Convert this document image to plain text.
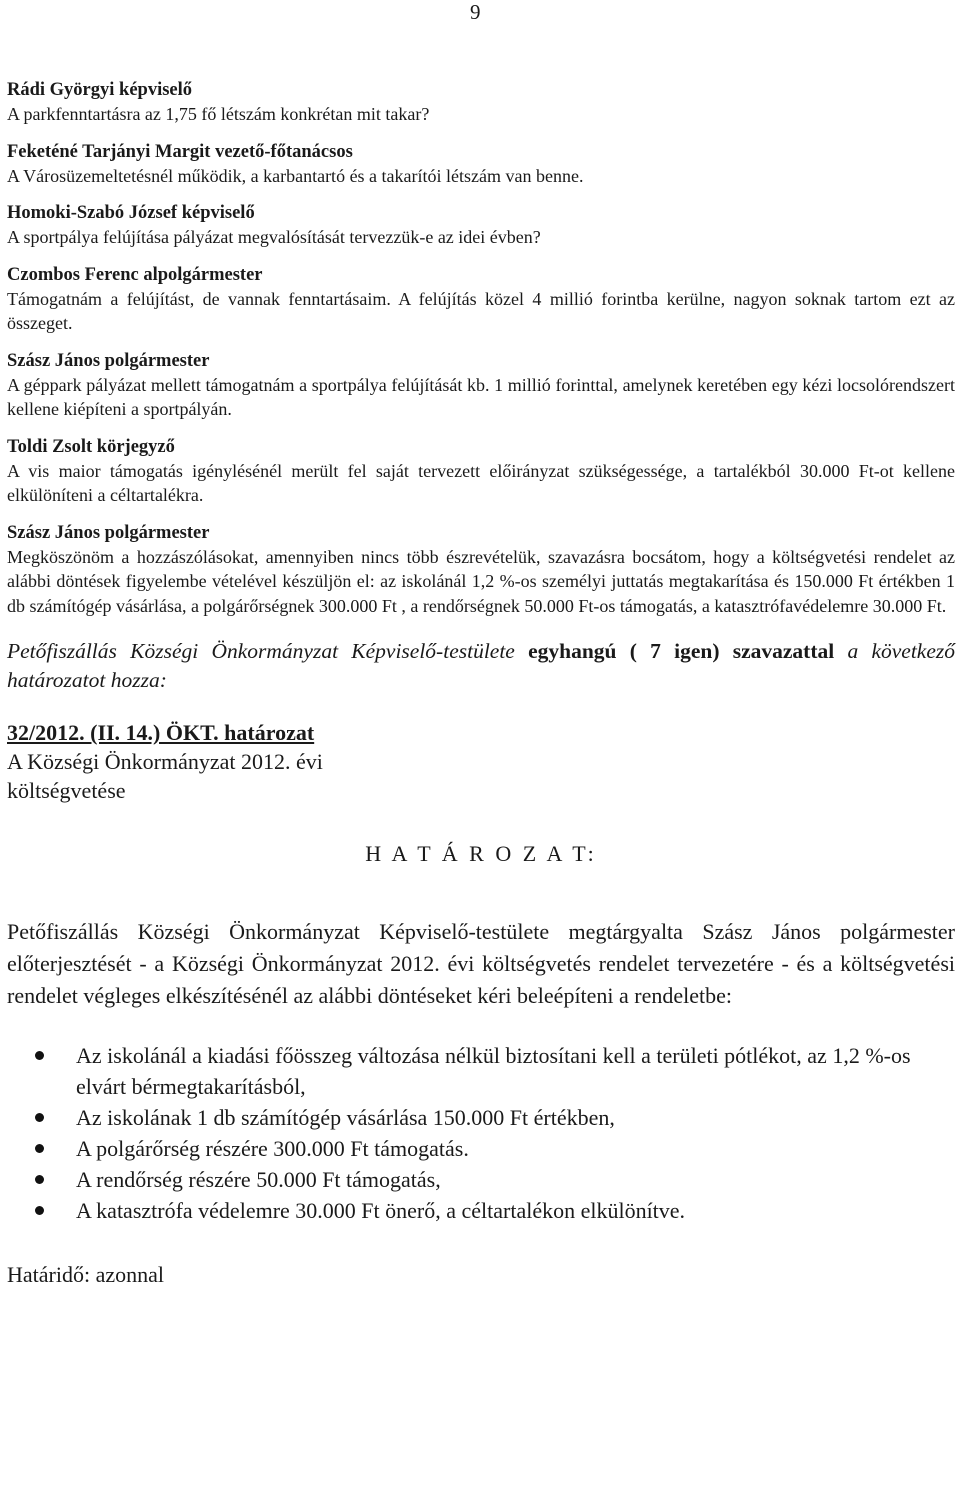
9
Rádi Györgyi képviselő
A parkfenntartásra az 1,75 fő létszám konkrétan mit takar?
Feketéné Tarjányi Margit vezető-főtanácsos
A Városüzemeltetésnél működik, a karbantartó és a takarítói létszám van benne.
Homoki-Szabó József képviselő
A sportpálya felújítása pályázat megvalósítását tervezzük-e az idei évben?
Czombos Ferenc alpolgármester
Támogatnám a felújítást, de vannak fenntartásaim. A felújítás közel 4 millió forintba kerülne, nagyon soknak tartom ezt az összeget.
Szász János polgármester
A géppark pályázat mellett támogatnám a sportpálya felújítását kb. 1 millió forinttal, amelynek keretében egy kézi locsolórendszert kellene kiépíteni a sportpályán.
Toldi Zsolt körjegyző
A vis maior támogatás igénylésénél merült fel saját tervezett előirányzat szükségessége, a tartalékból 30.000 Ft-ot kellene elkülöníteni a céltartalékra.
Szász János polgármester
Megköszönöm a hozzászólásokat, amennyiben nincs több észrevételük, szavazásra bocsátom, hogy a költségvetési rendelet az alábbi döntések figyelembe vételével készüljön el: az iskolánál 1,2 %-os személyi juttatás megtakarítása és 150.000 Ft értékben 1 db számítógép vásárlása, a polgárőrségnek 300.000 Ft , a rendőrségnek 50.000 Ft-os támogatás, a katasztrófavédelemre 30.000 Ft.
Petőfiszállás Községi Önkormányzat Képviselő-testülete egyhangú ( 7 igen) szavazattal a következő határozatot hozza:
32/2012. (II. 14.) ÖKT. határozat
A Községi Önkormányzat 2012. évi
költségvetése
H A T Á R O Z A T:
Petőfiszállás Községi Önkormányzat Képviselő-testülete megtárgyalta Szász János polgármester előterjesztését - a Községi Önkormányzat 2012. évi költségvetés rendelet tervezetére - és a költségvetési rendelet végleges elkészítésénél az alábbi döntéseket kéri beleépíteni a rendeletbe:
Az iskolánál a kiadási főösszeg változása nélkül biztosítani kell a területi pótlékot, az 1,2 %-os elvárt bérmegtakarításból,
Az iskolának 1 db számítógép vásárlása 150.000 Ft értékben,
A polgárőrség részére 300.000 Ft támogatás.
A rendőrség részére 50.000 Ft támogatás,
A katasztrófa védelemre 30.000 Ft önerő, a céltartalékon elkülönítve.
Határidő: azonnal
